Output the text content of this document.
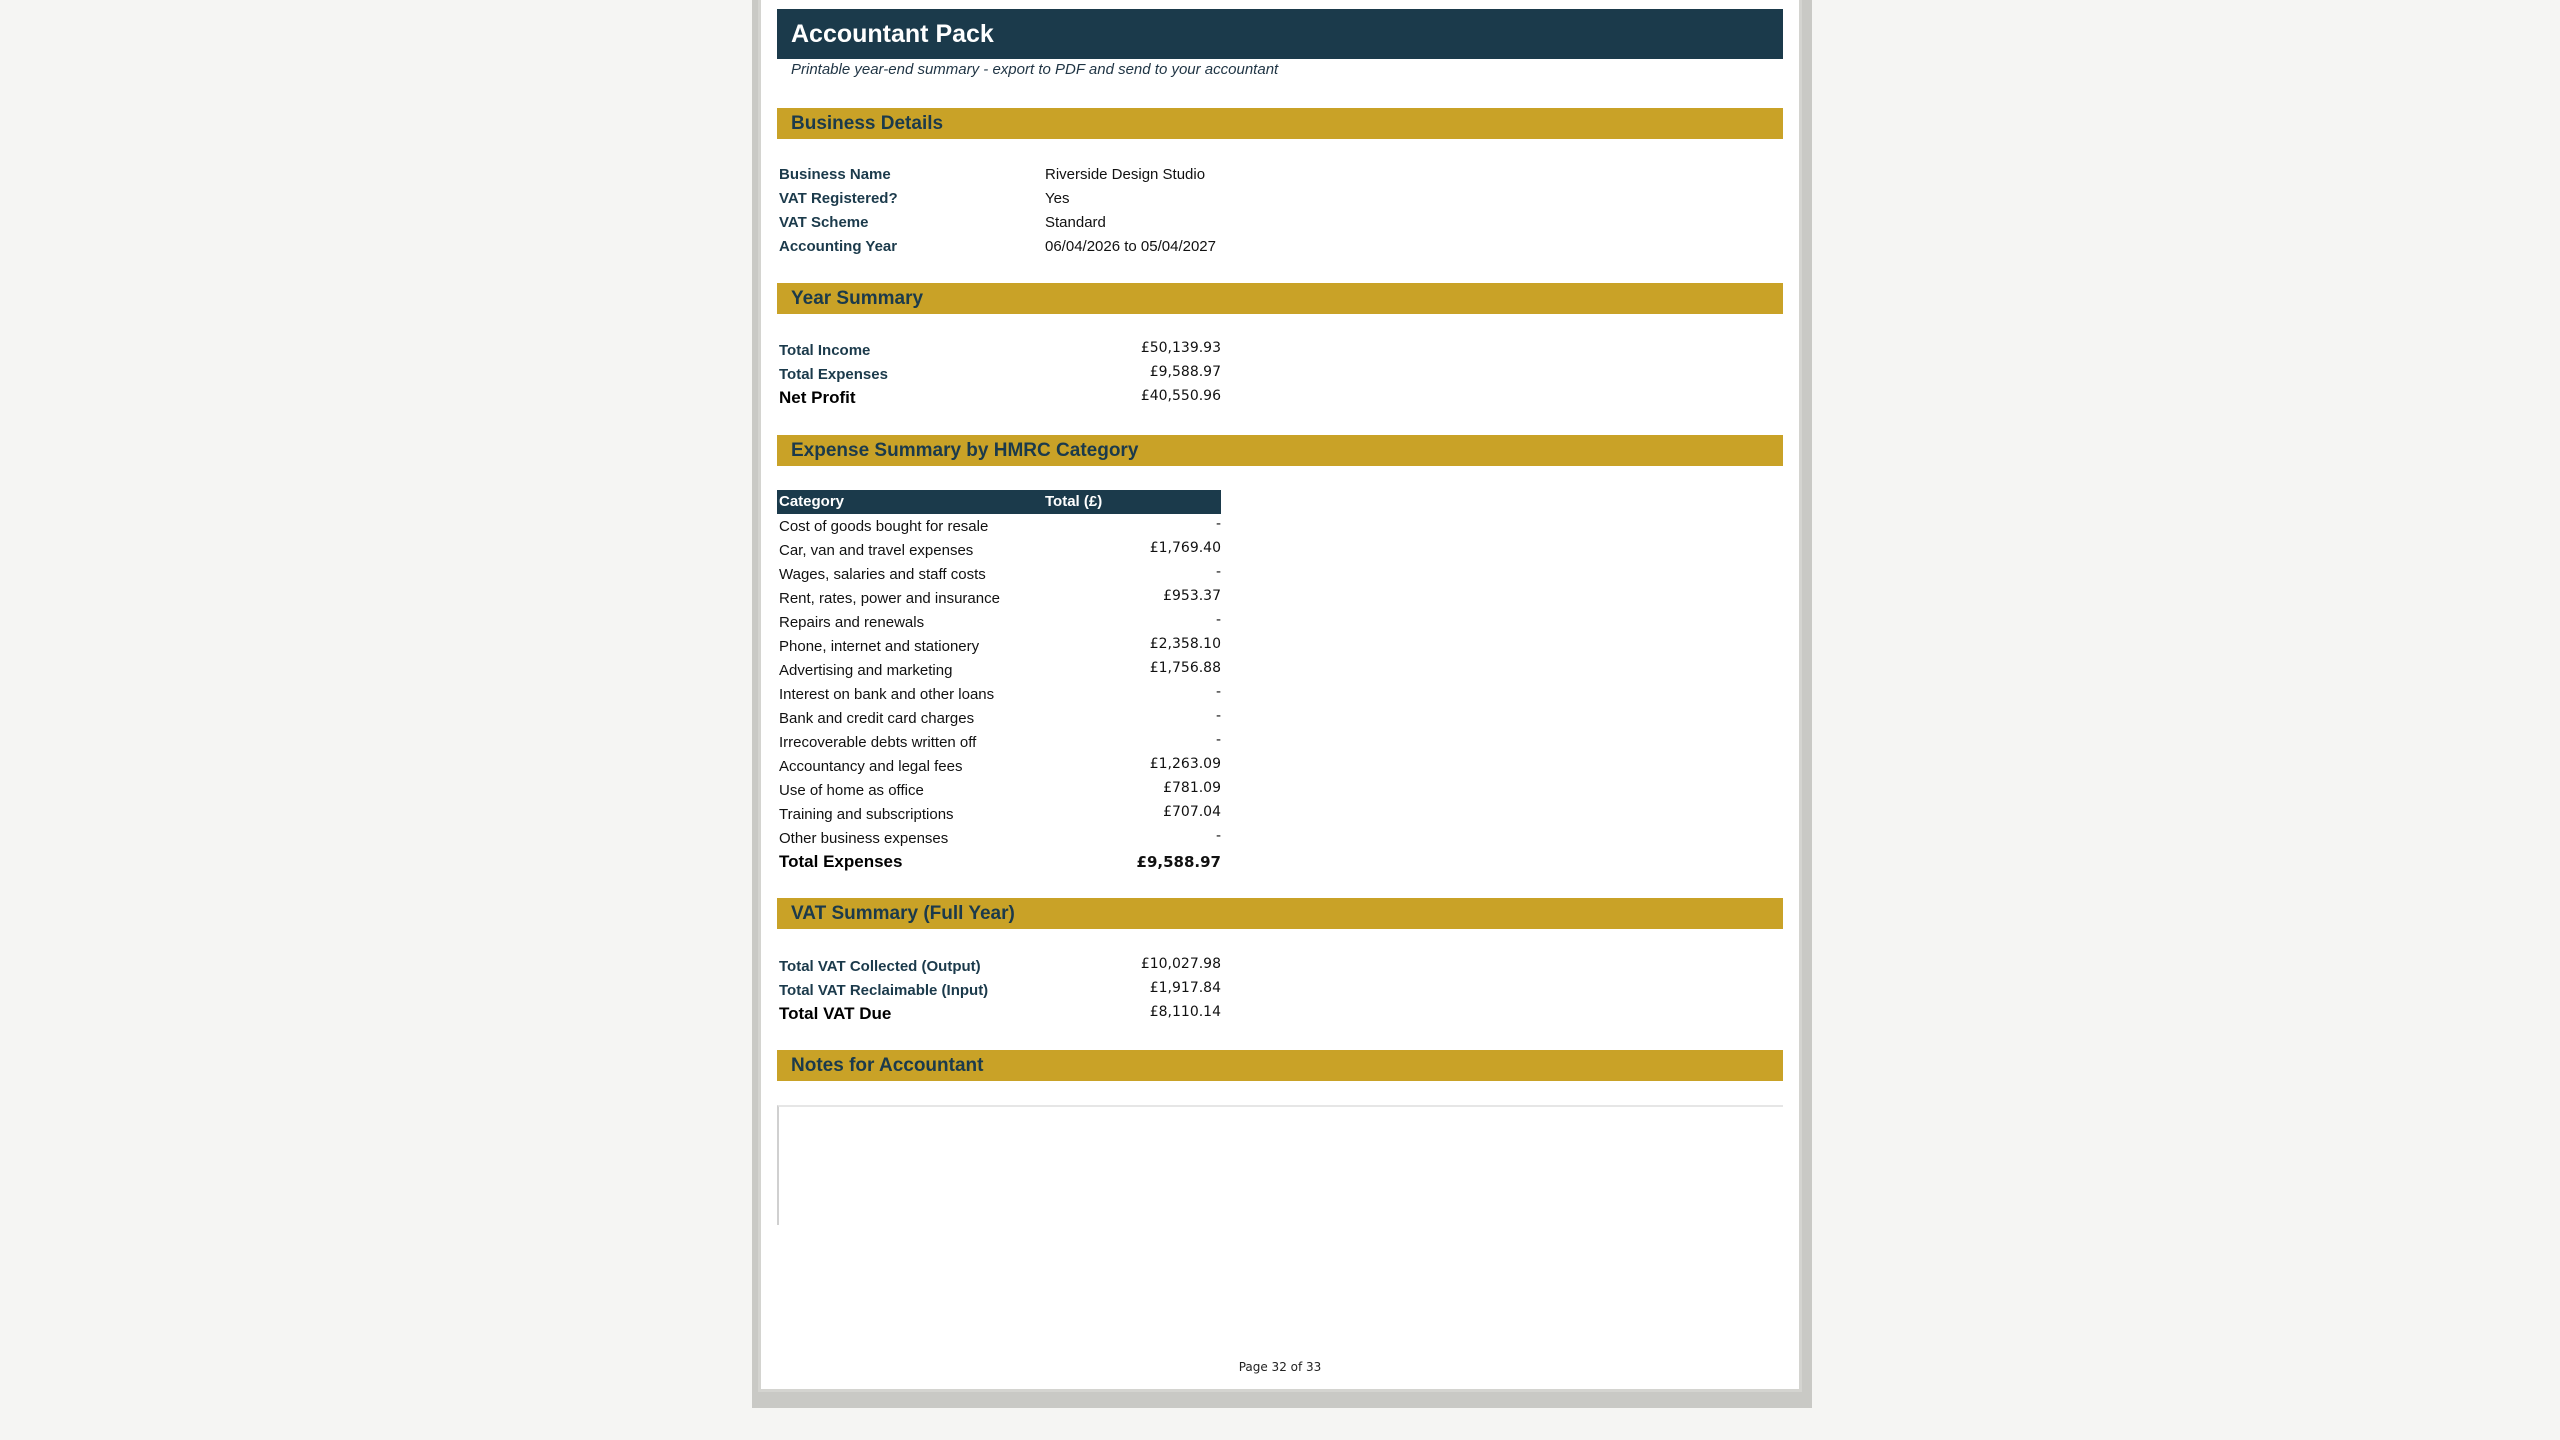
Accountant Pack
Printable year-end summary - export to PDF and send to your accountant
Business Details
Business Name	Riverside Design Studio
VAT Registered?	Yes
VAT Scheme	Standard
Accounting Year	06/04/2026 to 05/04/2027
Year Summary
Total Income	£50,139.93
Total Expenses	£9,588.97
Net Profit	£40,550.96
Expense Summary by HMRC Category
Category	Total (£)
Cost of goods bought for resale	-
Car, van and travel expenses	£1,769.40
Wages, salaries and staff costs	-
Rent, rates, power and insurance	£953.37
Repairs and renewals	-
Phone, internet and stationery	£2,358.10
Advertising and marketing	£1,756.88
Interest on bank and other loans	-
Bank and credit card charges	-
Irrecoverable debts written off	-
Accountancy and legal fees	£1,263.09
Use of home as office	£781.09
Training and subscriptions	£707.04
Other business expenses	-
Total Expenses	£9,588.97
VAT Summary (Full Year)
Total VAT Collected (Output)	£10,027.98
Total VAT Reclaimable (Input)	£1,917.84
Total VAT Due	£8,110.14
Notes for Accountant
Page 32 of 33
